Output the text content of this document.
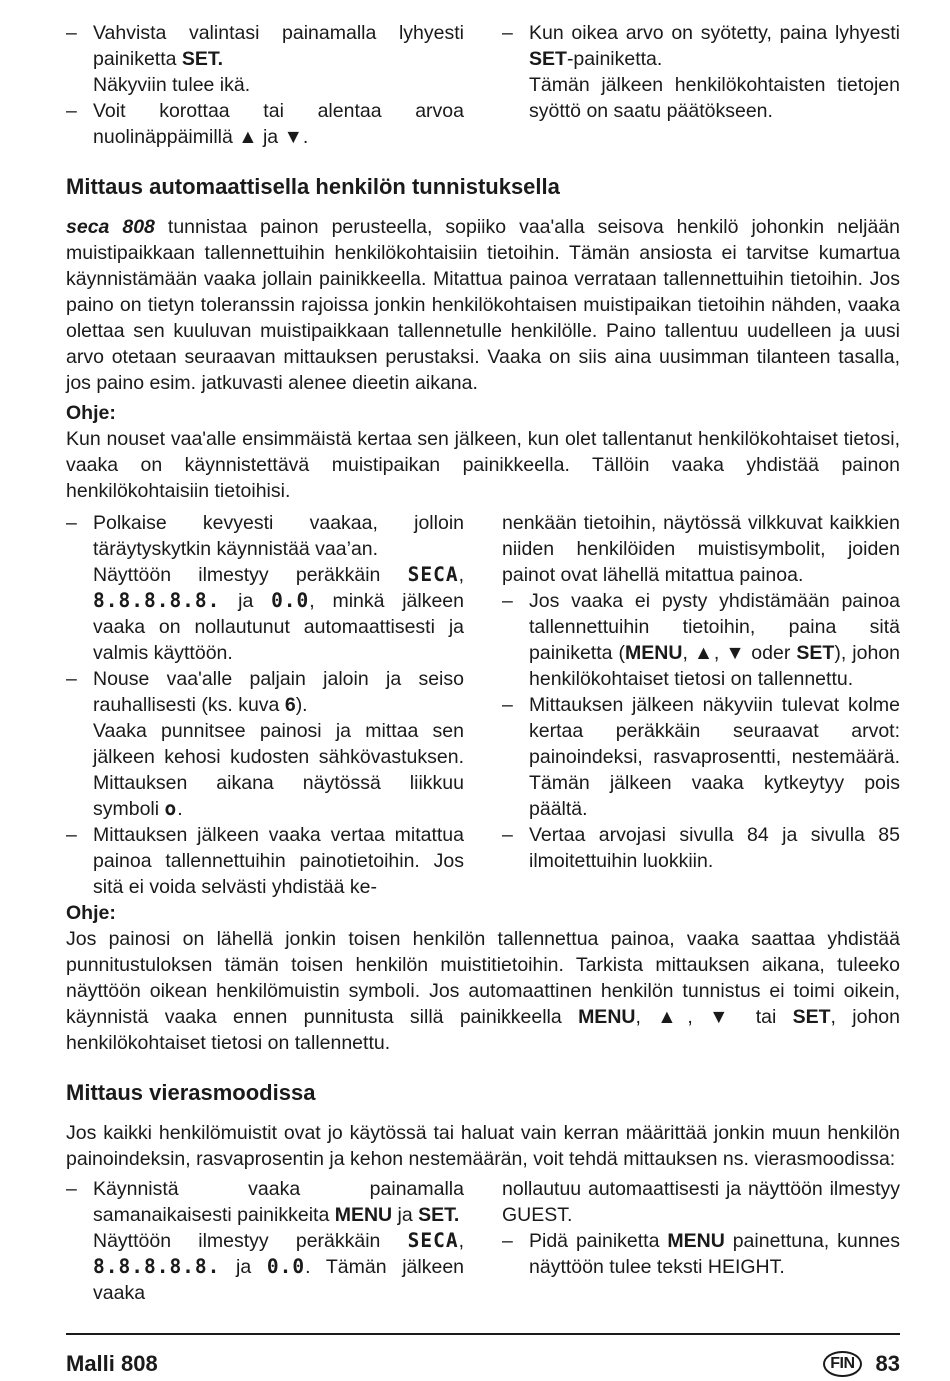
– Vahvista valintasi painamalla lyhyesti painiketta SET.
Näkyviin tulee ikä.
– Voit korottaa tai alentaa arvoa nuolinäppäimillä ▲ ja ▼.
– Kun oikea arvo on syötetty, paina lyhyesti SET-painiketta.
Tämän jälkeen henkilökohtaisten tietojen syöttö on saatu päätökseen.
Mittaus automaattisella henkilön tunnistuksella
seca 808 tunnistaa painon perusteella, sopiiko vaa'alla seisova henkilö johonkin neljään muistipaikkaan tallennettuihin henkilökohtaisiin tietoihin. Tämän ansiosta ei tarvitse kumartua käynnistämään vaaka jollain painikkeella. Mitattua painoa verrataan tallennettuihin tietoihin. Jos paino on tietyn toleranssin rajoissa jonkin henkilökohtaisen muistipaikan tietoihin nähden, vaaka olettaa sen kuuluvan muistipaikkaan tallennetulle henkilölle. Paino tallentuu uudelleen ja uusi arvo otetaan seuraavan mittauksen perustaksi. Vaaka on siis aina uusimman tilanteen tasalla, jos paino esim. jatkuvasti alenee dieetin aikana.
Ohje:
Kun nouset vaa'alle ensimmäistä kertaa sen jälkeen, kun olet tallentanut henkilökohtaiset tietosi, vaaka on käynnistettävä muistipaikan painikkeella. Tällöin vaaka yhdistää painon henkilökohtaisiin tietoihisi.
– Polkaise kevyesti vaakaa, jolloin täräytyskytkin käynnistää vaa’an.
Näyttöön ilmestyy peräkkäin SECA, 8.8.8.8.8. ja 0.0, minkä jälkeen vaaka on nollautunut automaattisesti ja valmis käyttöön.
– Nouse vaa'alle paljain jaloin ja seiso rauhallisesti (ks. kuva 6).
Vaaka punnitsee painosi ja mittaa sen jälkeen kehosi kudosten sähkövastuksen. Mittauksen aikana näytössä liikkuu symboli o.
– Mittauksen jälkeen vaaka vertaa mitattua painoa tallennettuihin painotietoihin. Jos sitä ei voida selvästi yhdistää ke-
nenkään tietoihin, näytössä vilkkuvat kaikkien niiden henkilöiden muistisymbolit, joiden painot ovat lähellä mitattua painoa.
– Jos vaaka ei pysty yhdistämään painoa tallennettuihin tietoihin, paina sitä painiketta (MENU, ▲, ▼ oder SET), johon henkilökohtaiset tietosi on tallennettu.
– Mittauksen jälkeen näkyviin tulevat kolme kertaa peräkkäin seuraavat arvot: painoindeksi, rasvaprosentti, nestemäärä. Tämän jälkeen vaaka kytkeytyy pois päältä.
– Vertaa arvojasi sivulla 84 ja sivulla 85 ilmoitettuihin luokkiin.
Ohje:
Jos painosi on lähellä jonkin toisen henkilön tallennettua painoa, vaaka saattaa yhdistää punnitustuloksen tämän toisen henkilön muistitietoihin. Tarkista mittauksen aikana, tuleeko näyttöön oikean henkilömuistin symboli. Jos automaattinen henkilön tunnistus ei toimi oikein, käynnistä vaaka ennen punnitusta sillä painikkeella MENU, ▲, ▼ tai SET, johon henkilökohtaiset tietosi on tallennettu.
Mittaus vierasmoodissa
Jos kaikki henkilömuistit ovat jo käytössä tai haluat vain kerran määrittää jonkin muun henkilön painoindeksin, rasvaprosentin ja kehon nestemäärän, voit tehdä mittauksen ns. vierasmoodissa:
– Käynnistä vaaka painamalla samanaikaisesti painikkeita MENU ja SET.
Näyttöön ilmestyy peräkkäin SECA, 8.8.8.8.8. ja 0.0. Tämän jälkeen vaaka
nollautuu automaattisesti ja näyttöön ilmestyy GUEST.
– Pidä painiketta MENU painettuna, kunnes näyttöön tulee teksti HEIGHT.
Malli 808	FIN 83
